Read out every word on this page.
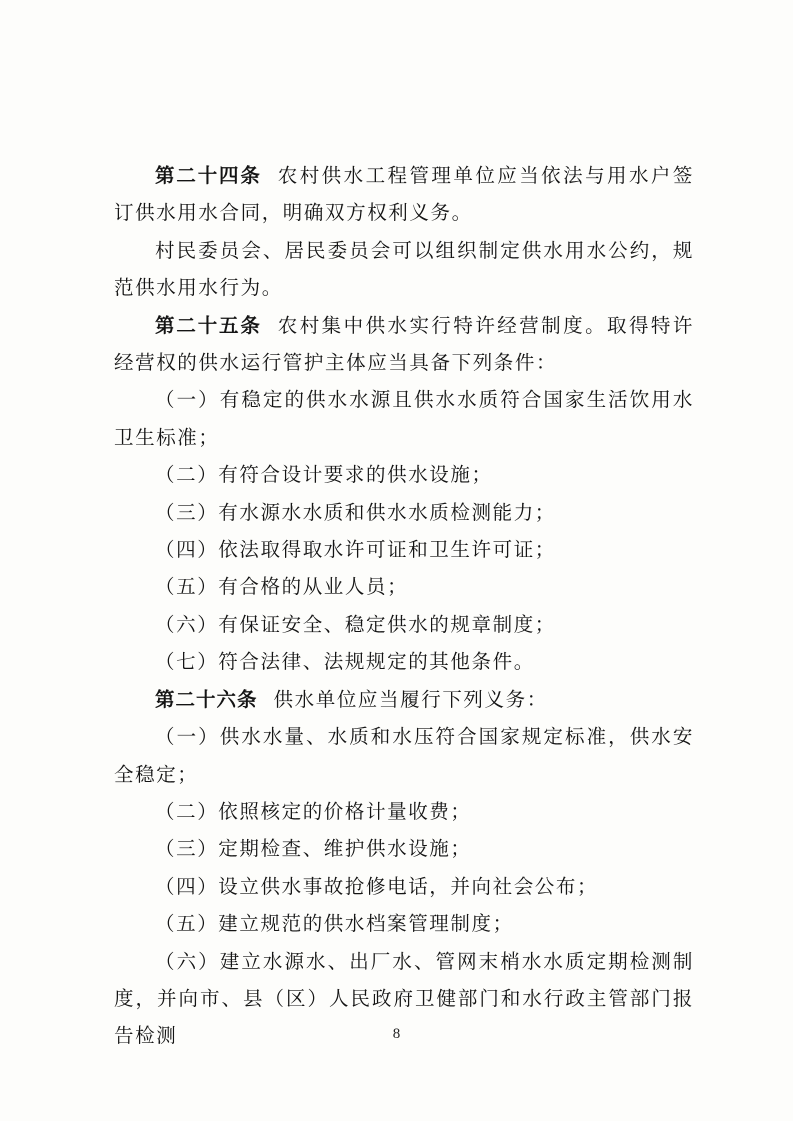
第二十四条 农村供水工程管理单位应当依法与用水户签订供水用水合同，明确双方权利义务。

村民委员会、居民委员会可以组织制定供水用水公约，规范供水用水行为。

第二十五条 农村集中供水实行特许经营制度。取得特许经营权的供水运行管护主体应当具备下列条件：

（一）有稳定的供水水源且供水水质符合国家生活饮用水卫生标准；

（二）有符合设计要求的供水设施；

（三）有水源水水质和供水水质检测能力；

（四）依法取得取水许可证和卫生许可证；

（五）有合格的从业人员；

（六）有保证安全、稳定供水的规章制度；

（七）符合法律、法规规定的其他条件。

第二十六条 供水单位应当履行下列义务：

（一）供水水量、水质和水压符合国家规定标准，供水安全稳定；

（二）依照核定的价格计量收费；

（三）定期检查、维护供水设施；

（四）设立供水事故抢修电话，并向社会公布；

（五）建立规范的供水档案管理制度；

（六）建立水源水、出厂水、管网末梢水水质定期检测制度，并向市、县（区）人民政府卫健部门和水行政主管部门报告检测	8
